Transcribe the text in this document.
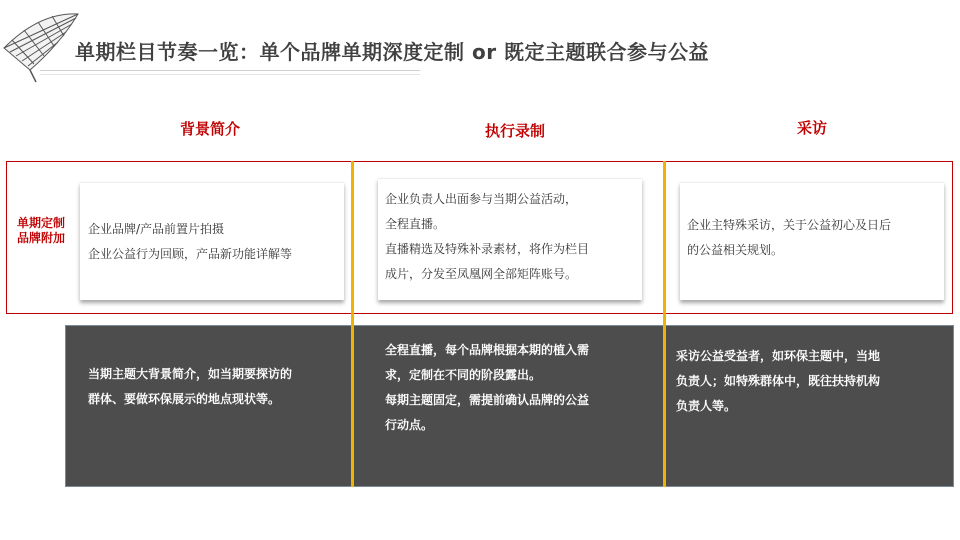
单期栏目节奏一览：单个品牌单期深度定制 or 既定主题联合参与公益
背景简介	执行录制	采访
单期定制
品牌附加
企业品牌/产品前置片拍摄
企业公益行为回顾，产品新功能详解等
企业负责人出面参与当期公益活动，
全程直播。
直播精选及特殊补录素材，将作为栏目
成片，分发至凤凰网全部矩阵账号。
企业主特殊采访，关于公益初心及日后
的公益相关规划。
当期主题大背景简介，如当期要探访的
群体、要做环保展示的地点现状等。
全程直播，每个品牌根据本期的植入需
求，定制在不同的阶段露出。
每期主题固定，需提前确认品牌的公益
行动点。
采访公益受益者，如环保主题中，当地
负责人；如特殊群体中，既往扶持机构
负责人等。
